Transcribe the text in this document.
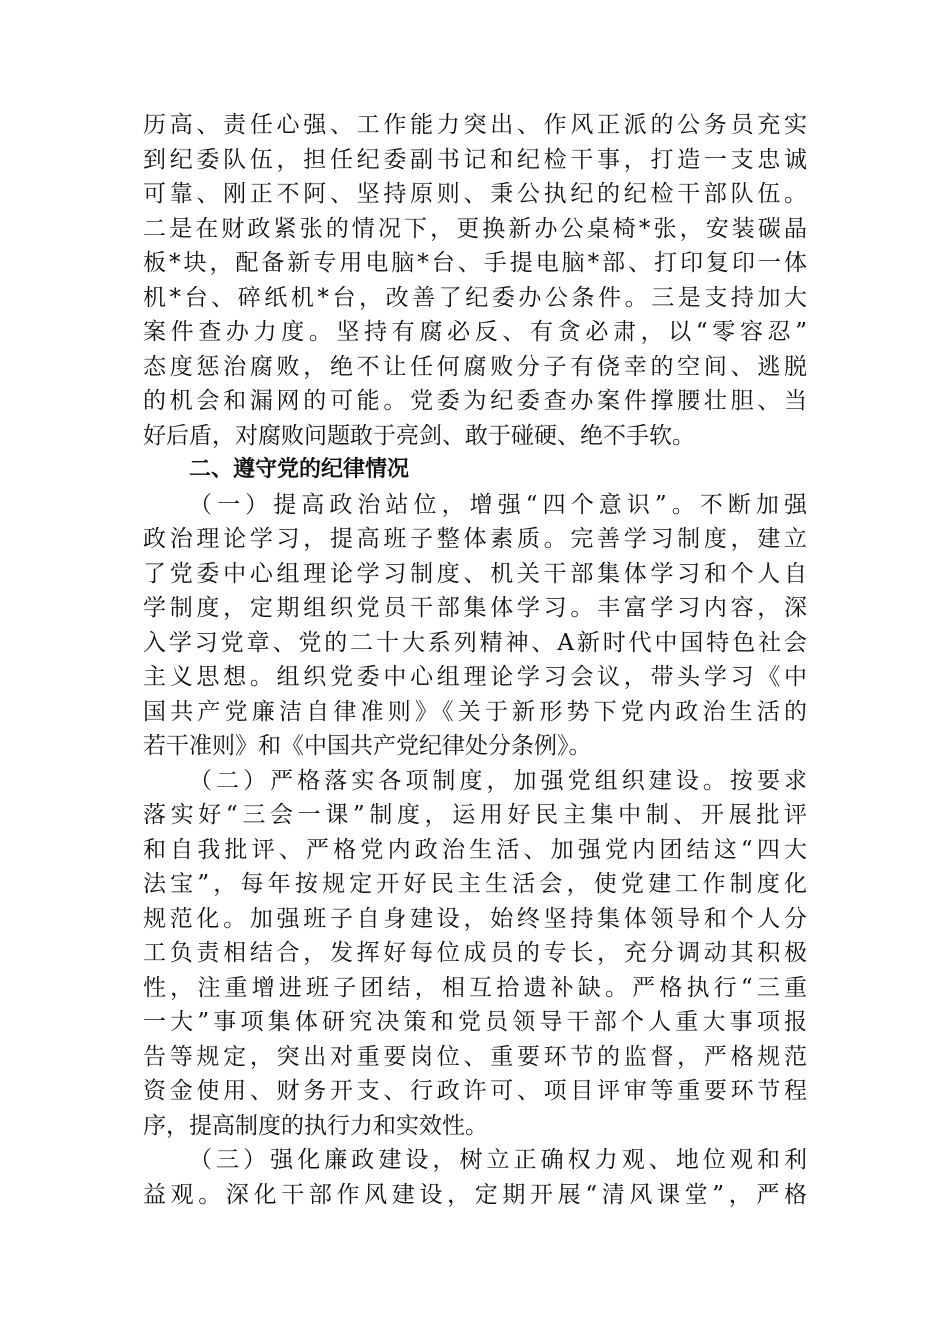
历高、责任心强、工作能力突出、作风正派的公务员充实
到纪委队伍，担任纪委副书记和纪检干事，打造一支忠诚
可靠、刚正不阿、坚持原则、秉公执纪的纪检干部队伍。
二是在财政紧张的情况下，更换新办公桌椅*张，安装碳晶
板*块，配备新专用电脑*台、手提电脑*部、打印复印一体
机*台、碎纸机*台，改善了纪委办公条件。三是支持加大
案件查办力度。坚持有腐必反、有贪必肃，以“零容忍”
态度惩治腐败，绝不让任何腐败分子有侥幸的空间、逃脱
的机会和漏网的可能。党委为纪委查办案件撑腰壮胆、当
好后盾，对腐败问题敢于亮剑、敢于碰硬、绝不手软。
二、遵守党的纪律情况
（一）提高政治站位，增强“四个意识”。不断加强
政治理论学习，提高班子整体素质。完善学习制度，建立
了党委中心组理论学习制度、机关干部集体学习和个人自
学制度，定期组织党员干部集体学习。丰富学习内容，深
入学习党章、党的二十大系列精神、A新时代中国特色社会
主义思想。组织党委中心组理论学习会议，带头学习《中
国共产党廉洁自律准则》《关于新形势下党内政治生活的
若干准则》和《中国共产党纪律处分条例》。
（二）严格落实各项制度，加强党组织建设。按要求
落实好“三会一课”制度，运用好民主集中制、开展批评
和自我批评、严格党内政治生活、加强党内团结这“四大
法宝”，每年按规定开好民主生活会，使党建工作制度化
规范化。加强班子自身建设，始终坚持集体领导和个人分
工负责相结合，发挥好每位成员的专长，充分调动其积极
性，注重增进班子团结，相互拾遗补缺。严格执行“三重
一大”事项集体研究决策和党员领导干部个人重大事项报
告等规定，突出对重要岗位、重要环节的监督，严格规范
资金使用、财务开支、行政许可、项目评审等重要环节程
序，提高制度的执行力和实效性。
（三）强化廉政建设，树立正确权力观、地位观和利
益观。深化干部作风建设，定期开展“清风课堂”，严格
